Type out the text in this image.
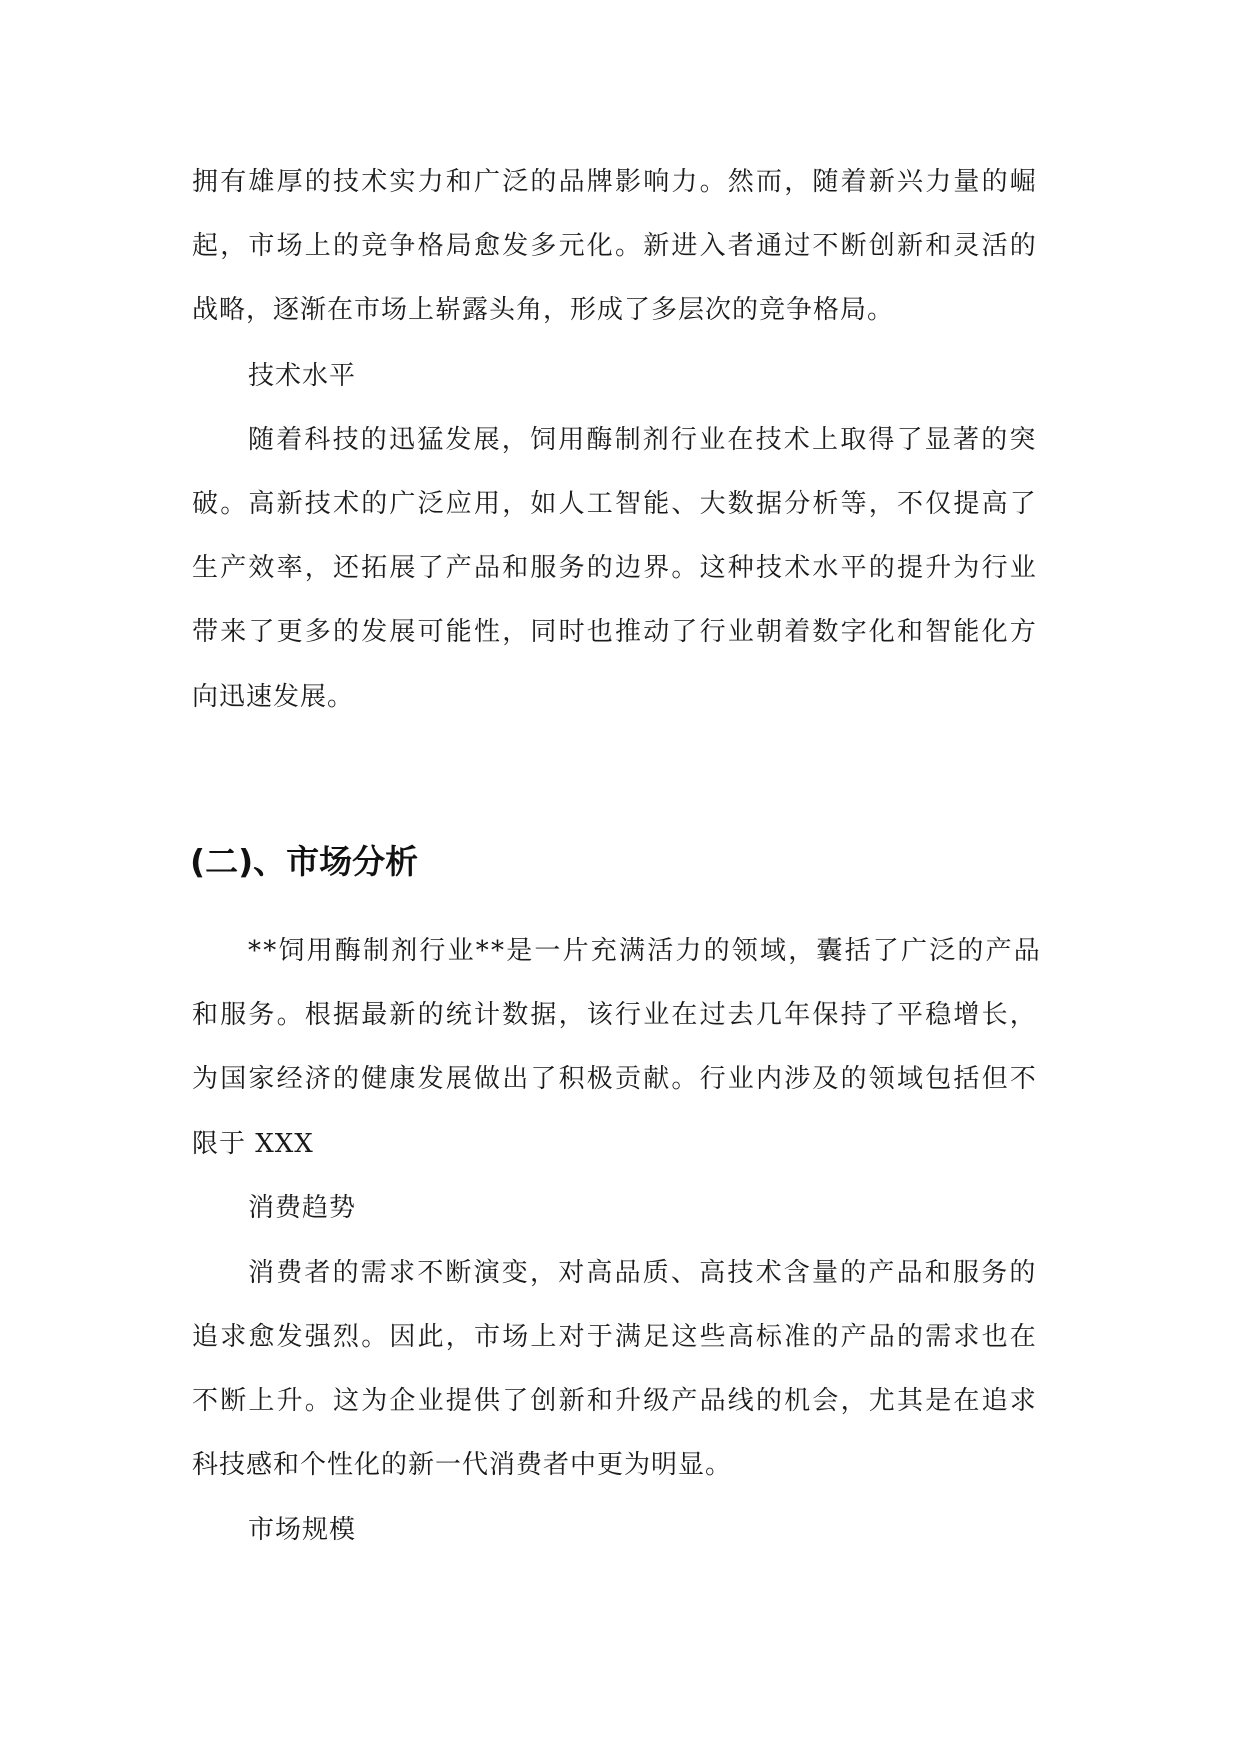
拥有雄厚的技术实力和广泛的品牌影响力。然而，随着新兴力量的崛
起，市场上的竞争格局愈发多元化。新进入者通过不断创新和灵活的
战略，逐渐在市场上崭露头角，形成了多层次的竞争格局。
技术水平
随着科技的迅猛发展，饲用酶制剂行业在技术上取得了显著的突
破。高新技术的广泛应用，如人工智能、大数据分析等，不仅提高了
生产效率，还拓展了产品和服务的边界。这种技术水平的提升为行业
带来了更多的发展可能性，同时也推动了行业朝着数字化和智能化方
向迅速发展。
(二)、市场分析
**饲用酶制剂行业**是一片充满活力的领域，囊括了广泛的产品
和服务。根据最新的统计数据，该行业在过去几年保持了平稳增长，
为国家经济的健康发展做出了积极贡献。行业内涉及的领域包括但不
限于 XXX
消费趋势
消费者的需求不断演变，对高品质、高技术含量的产品和服务的
追求愈发强烈。因此，市场上对于满足这些高标准的产品的需求也在
不断上升。这为企业提供了创新和升级产品线的机会，尤其是在追求
科技感和个性化的新一代消费者中更为明显。
市场规模
